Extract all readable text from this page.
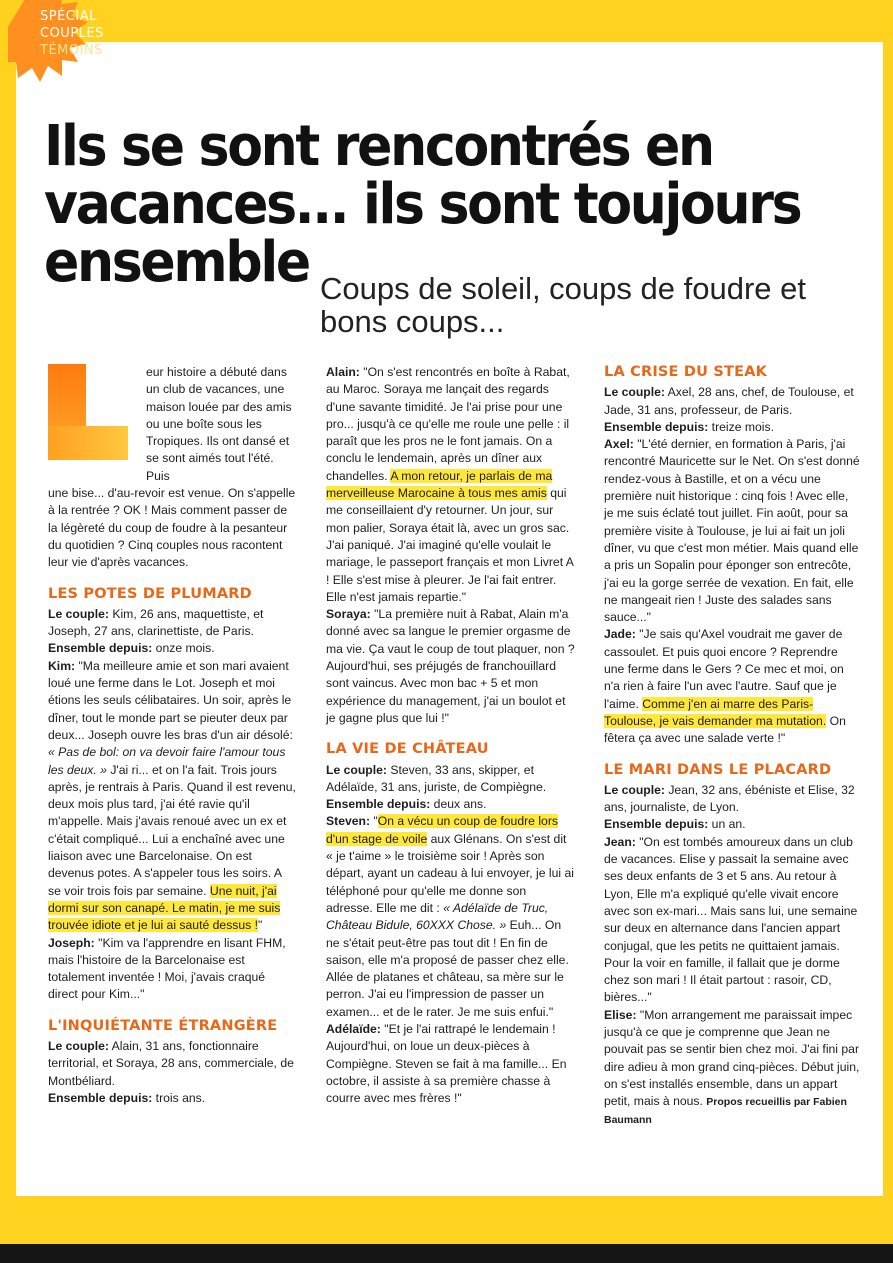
SPÉCIAL
COUPLES
TÉMOINS
Ils se sont rencontrés en vacances... ils sont toujours ensemble Coups de soleil, coups de foudre et bons coups...

eur histoire a débuté dans un club de vacances, une maison louée par des amis ou une boîte sous les Tropiques. Ils ont dansé et se sont aimés tout l'été. Puis

une bise... d'au-revoir est venue. On s'appelle à la rentrée ? OK ! Mais comment passer de la légèreté du coup de foudre à la pesanteur du quotidien ? Cinq couples nous racontent leur vie d'après vacances.

LES POTES DE PLUMARD

Le couple: Kim, 26 ans, maquettiste, et Joseph, 27 ans, clarinettiste, de Paris.

Ensemble depuis: onze mois.

Kim: "Ma meilleure amie et son mari avaient loué une ferme dans le Lot. Joseph et moi étions les seuls célibataires. Un soir, après le dîner, tout le monde part se pieuter deux par deux... Joseph ouvre les bras d'un air désolé: « Pas de bol: on va devoir faire l'amour tous les deux. » J'ai ri... et on l'a fait. Trois jours après, je rentrais à Paris. Quand il est revenu, deux mois plus tard, j'ai été ravie qu'il m'appelle. Mais j'avais renoué avec un ex et c'était compliqué... Lui a enchaîné avec une liaison avec une Barcelonaise. On est devenus potes. A s'appeler tous les soirs. A se voir trois fois par semaine. Une nuit, j'ai dormi sur son canapé. Le matin, je me suis trouvée idiote et je lui ai sauté dessus !"

Joseph: "Kim va l'apprendre en lisant FHM, mais l'histoire de la Barcelonaise est totalement inventée ! Moi, j'avais craqué direct pour Kim..."

L'INQUIÉTANTE ÉTRANGÈRE

Le couple: Alain, 31 ans, fonctionnaire territorial, et Soraya, 28 ans, commerciale, de Montbéliard.

Ensemble depuis: trois ans.

Alain: "On s'est rencontrés en boîte à Rabat, au Maroc. Soraya me lançait des regards d'une savante timidité. Je l'ai prise pour une pro... jusqu'à ce qu'elle me roule une pelle : il paraît que les pros ne le font jamais. On a conclu le lendemain, après un dîner aux chandelles. A mon retour, je parlais de ma merveilleuse Marocaine à tous mes amis qui me conseillaient d'y retourner. Un jour, sur mon palier, Soraya était là, avec un gros sac. J'ai paniqué. J'ai imaginé qu'elle voulait le mariage, le passeport français et mon Livret A ! Elle s'est mise à pleurer. Je l'ai fait entrer. Elle n'est jamais repartie."

Soraya: "La première nuit à Rabat, Alain m'a donné avec sa langue le premier orgasme de ma vie. Ça vaut le coup de tout plaquer, non ? Aujourd'hui, ses préjugés de franchouillard sont vaincus. Avec mon bac + 5 et mon expérience du management, j'ai un boulot et je gagne plus que lui !"

LA VIE DE CHÂTEAU

Le couple: Steven, 33 ans, skipper, et Adélaïde, 31 ans, juriste, de Compiègne.

Ensemble depuis: deux ans.

Steven: "On a vécu un coup de foudre lors d'un stage de voile aux Glénans. On s'est dit « je t'aime » le troisième soir ! Après son départ, ayant un cadeau à lui envoyer, je lui ai téléphoné pour qu'elle me donne son adresse. Elle me dit : « Adélaïde de Truc, Château Bidule, 60XXX Chose. » Euh... On ne s'était peut-être pas tout dit ! En fin de saison, elle m'a proposé de passer chez elle. Allée de platanes et château, sa mère sur le perron. J'ai eu l'impression de passer un examen... et de le rater. Je me suis enfui."

Adélaïde: "Et je l'ai rattrapé le lendemain ! Aujourd'hui, on loue un deux-pièces à Compiègne. Steven se fait à ma famille... En octobre, il assiste à sa première chasse à courre avec mes frères !"

LA CRISE DU STEAK

Le couple: Axel, 28 ans, chef, de Toulouse, et Jade, 31 ans, professeur, de Paris.

Ensemble depuis: treize mois.

Axel: "L'été dernier, en formation à Paris, j'ai rencontré Mauricette sur le Net. On s'est donné rendez-vous à Bastille, et on a vécu une première nuit historique : cinq fois ! Avec elle, je me suis éclaté tout juillet. Fin août, pour sa première visite à Toulouse, je lui ai fait un joli dîner, vu que c'est mon métier. Mais quand elle a pris un Sopalin pour éponger son entrecôte, j'ai eu la gorge serrée de vexation. En fait, elle ne mangeait rien ! Juste des salades sans sauce..."

Jade: "Je sais qu'Axel voudrait me gaver de cassoulet. Et puis quoi encore ? Reprendre une ferme dans le Gers ? Ce mec et moi, on n'a rien à faire l'un avec l'autre. Sauf que je l'aime. Comme j'en ai marre des Paris-Toulouse, je vais demander ma mutation. On fêtera ça avec une salade verte !"

LE MARI DANS LE PLACARD

Le couple: Jean, 32 ans, ébéniste et Elise, 32 ans, journaliste, de Lyon.

Ensemble depuis: un an.

Jean: "On est tombés amoureux dans un club de vacances. Elise y passait la semaine avec ses deux enfants de 3 et 5 ans. Au retour à Lyon, Elle m'a expliqué qu'elle vivait encore avec son ex-mari... Mais sans lui, une semaine sur deux en alternance dans l'ancien appart conjugal, que les petits ne quittaient jamais. Pour la voir en famille, il fallait que je dorme chez son mari ! Il était partout : rasoir, CD, bières..."

Elise: "Mon arrangement me paraissait impec jusqu'à ce que je comprenne que Jean ne pouvait pas se sentir bien chez moi. J'ai fini par dire adieu à mon grand cinq-pièces. Début juin, on s'est installés ensemble, dans un appart petit, mais à nous. Propos recueillis par Fabien Baumann
